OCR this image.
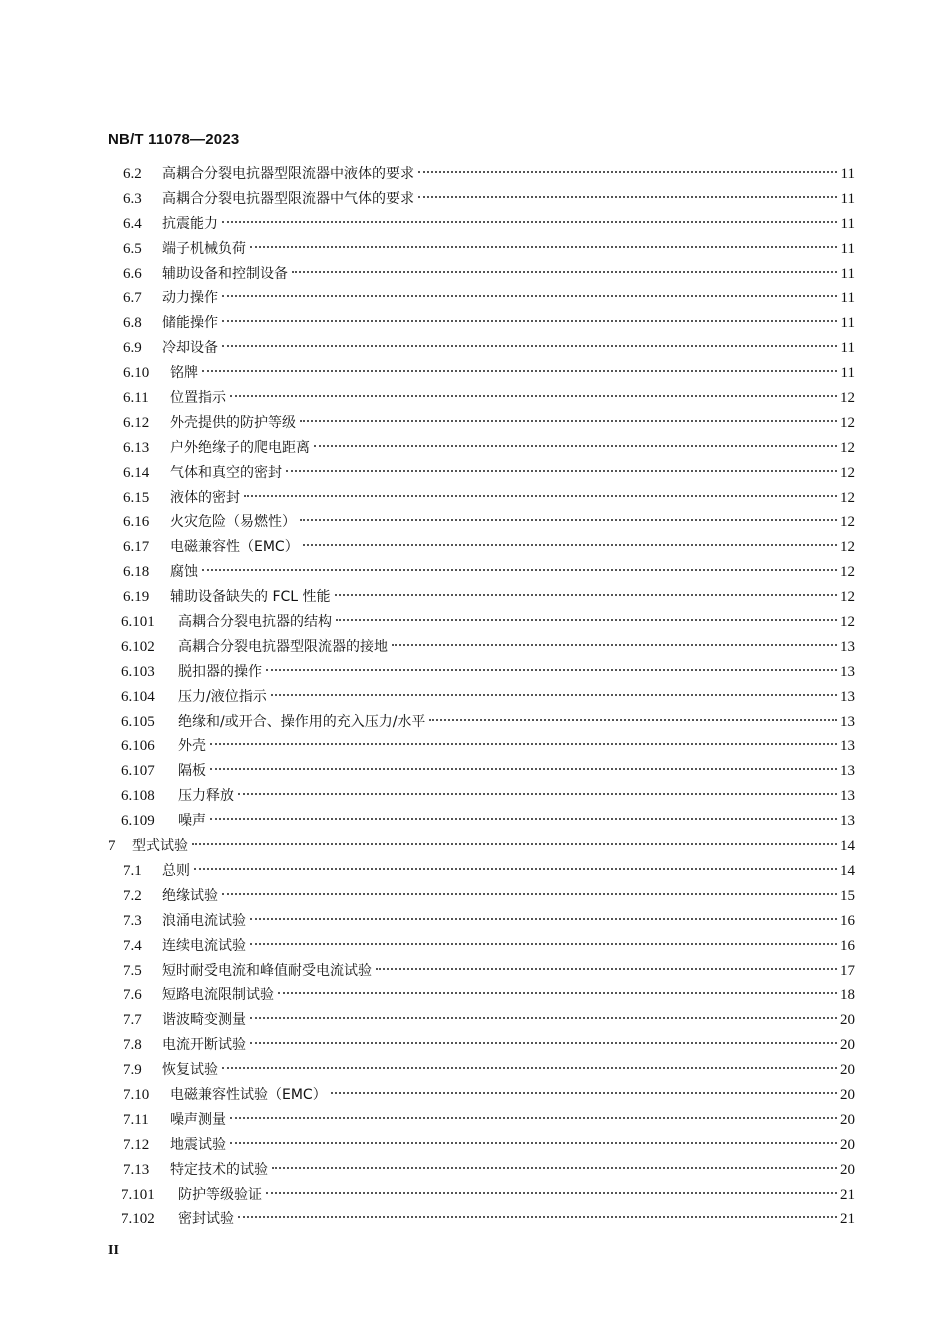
NB/T 11078—2023
6.2 高耦合分裂电抗器型限流器中液体的要求	11
6.3 高耦合分裂电抗器型限流器中气体的要求	11
6.4 抗震能力	11
6.5 端子机械负荷	11
6.6 辅助设备和控制设备	11
6.7 动力操作	11
6.8 储能操作	11
6.9 冷却设备	11
6.10 铭牌	11
6.11 位置指示	12
6.12 外壳提供的防护等级	12
6.13 户外绝缘子的爬电距离	12
6.14 气体和真空的密封	12
6.15 液体的密封	12
6.16 火灾危险（易燃性）	12
6.17 电磁兼容性（EMC）	12
6.18 腐蚀	12
6.19 辅助设备缺失的 FCL 性能	12
6.101 高耦合分裂电抗器的结构	12
6.102 高耦合分裂电抗器型限流器的接地	13
6.103 脱扣器的操作	13
6.104 压力/液位指示	13
6.105 绝缘和/或开合、操作用的充入压力/水平	13
6.106 外壳	13
6.107 隔板	13
6.108 压力释放	13
6.109 噪声	13
7 型式试验	14
7.1 总则	14
7.2 绝缘试验	15
7.3 浪涌电流试验	16
7.4 连续电流试验	16
7.5 短时耐受电流和峰值耐受电流试验	17
7.6 短路电流限制试验	18
7.7 谐波畸变测量	20
7.8 电流开断试验	20
7.9 恢复试验	20
7.10 电磁兼容性试验（EMC）	20
7.11 噪声测量	20
7.12 地震试验	20
7.13 特定技术的试验	20
7.101 防护等级验证	21
7.102 密封试验	21
II
